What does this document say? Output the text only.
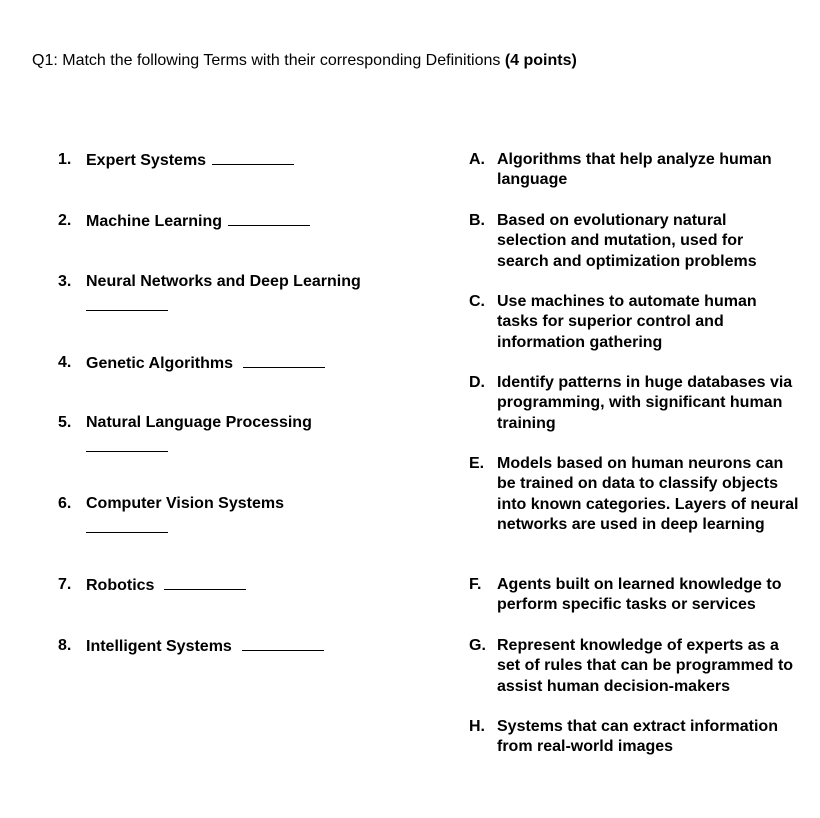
Q1: Match the following Terms with their corresponding Definitions (4 points)
1. Expert Systems
2. Machine Learning
3. Neural Networks and Deep Learning
4. Genetic Algorithms
5. Natural Language Processing
6. Computer Vision Systems
7. Robotics
8. Intelligent Systems
A. Algorithms that help analyze human language
B. Based on evolutionary natural selection and mutation, used for search and optimization problems
C. Use machines to automate human tasks for superior control and information gathering
D. Identify patterns in huge databases via programming, with significant human training
E. Models based on human neurons can be trained on data to classify objects into known categories. Layers of neural networks are used in deep learning
F. Agents built on learned knowledge to perform specific tasks or services
G. Represent knowledge of experts as a set of rules that can be programmed to assist human decision-makers
H. Systems that can extract information from real-world images
